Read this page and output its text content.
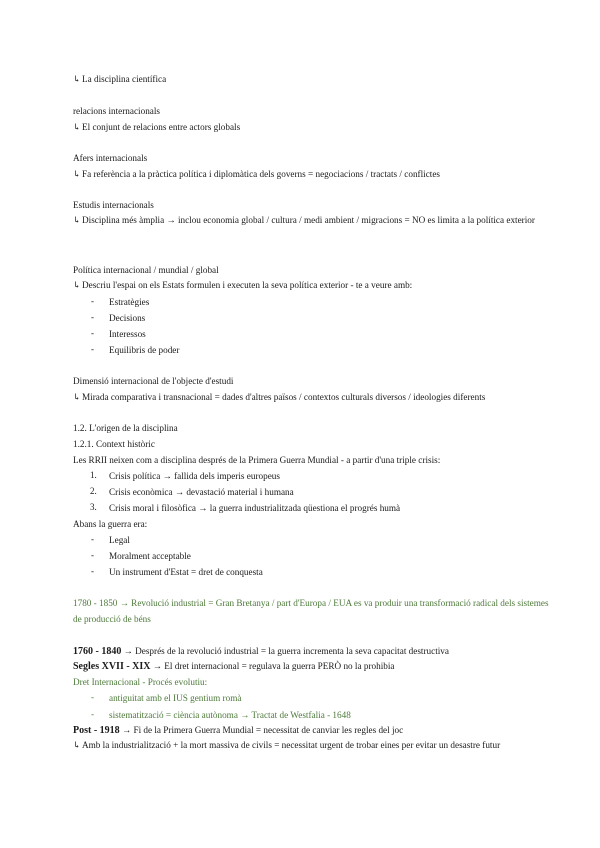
↳La disciplina científica
relacions internacionals
↳El conjunt de relacions entre actors globals
Afers internacionals
↳Fa referència a la pràctica política i diplomàtica dels governs = negociacions / tractats / conflictes
Estudis internacionals
↳Disciplina més àmplia → inclou economia global / cultura / medi ambient / migracions = NO es limita a la política exterior
Política internacional / mundial / global
↳Descriu l'espai on els Estats formulen i executen la seva política exterior - te a veure amb:
- Estratègies
- Decisions
- Interessos
- Equilibris de poder
Dimensió internacional de l'objecte d'estudi
↳Mirada comparativa i transnacional = dades d'altres països / contextos culturals diversos / ideologies diferents
1.2. L'origen de la disciplina
1.2.1. Context històric
Les RRII neixen com a disciplina després de la Primera Guerra Mundial - a partir d'una triple crisis:
1. Crisis política → fallida dels imperis europeus
2. Crisis econòmica → devastació material i humana
3. Crisis moral i filosòfica → la guerra industrialitzada qüestiona el progrés humà
Abans la guerra era:
- Legal
- Moralment acceptable
- Un instrument d'Estat = dret de conquesta
1780 - 1850 → Revolució industrial = Gran Bretanya / part d'Europa / EUA es va produir una transformació radical dels sistemes de producció de béns
1760 - 1840 → Després de la revolució industrial = la guerra incrementa la seva capacitat destructiva
Segles XVII - XIX → El dret internacional = regulava la guerra PERÒ no la prohibia
Dret Internacional - Procés evolutiu:
- antiguitat amb el IUS gentium romà
- sistematització = ciència autònoma → Tractat de Westfalia - 1648
Post - 1918 → Fi de la Primera Guerra Mundial = necessitat de canviar les regles del joc
↳Amb la industrialització + la mort massiva de civils = necessitat urgent de trobar eines per evitar un desastre futur
